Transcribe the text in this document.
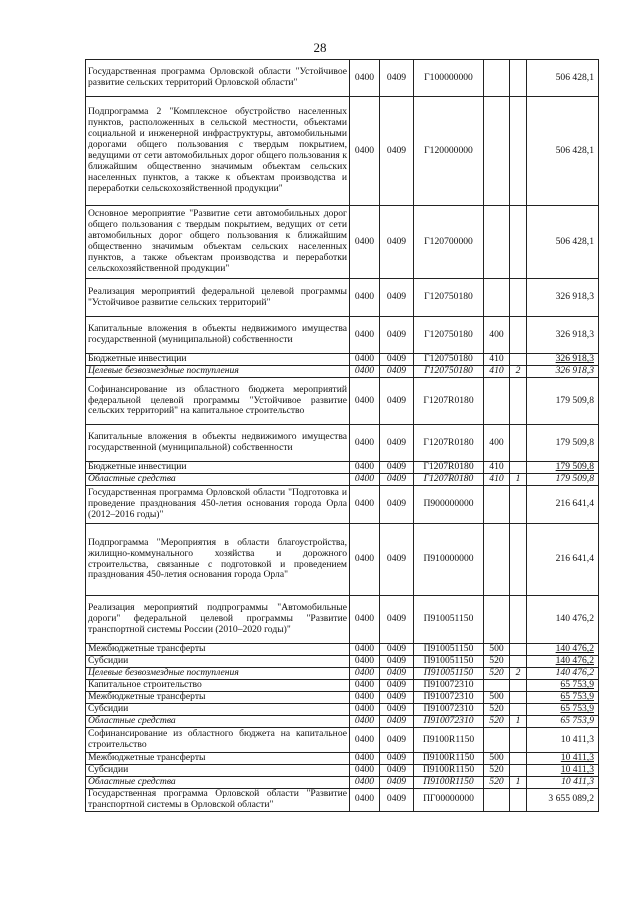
28
Государственная программа Орловской области "Устойчивое развитие сельских территорий Орловской области"	0400	0409	Г100000000			506 428,1
Подпрограмма 2 "Комплексное обустройство населенных пунктов, расположенных в сельской местности, объектами социальной и инженерной инфраструктуры, автомобильными дорогами общего пользования с твердым покрытием, ведущими от сети автомобильных дорог общего пользования к ближайшим общественно значимым объектам сельских населенных пунктов, а также к объектам производства и переработки сельскохозяйственной продукции"	0400	0409	Г120000000			506 428,1
Основное мероприятие "Развитие сети автомобильных дорог общего пользования с твердым покрытием, ведущих от сети автомобильных дорог общего пользования к ближайшим общественно значимым объектам сельских населенных пунктов, а также объектам производства и переработки сельскохозяйственной продукции"	0400	0409	Г120700000			506 428,1
Реализация мероприятий федеральной целевой программы "Устойчивое развитие сельских территорий"	0400	0409	Г120750180			326 918,3
Капитальные вложения в объекты недвижимого имущества государственной (муниципальной) собственности	0400	0409	Г120750180	400		326 918,3
Бюджетные инвестиции	0400	0409	Г120750180	410		326 918,3
Целевые безвозмездные поступления	0400	0409	Г120750180	410	2	326 918,3
Софинансирование из областного бюджета мероприятий федеральной целевой программы "Устойчивое развитие сельских территорий" на капитальное строительство	0400	0409	Г1207R0180			179 509,8
Капитальные вложения в объекты недвижимого имущества государственной (муниципальной) собственности	0400	0409	Г1207R0180	400		179 509,8
Бюджетные инвестиции	0400	0409	Г1207R0180	410		179 509,8
Областные средства	0400	0409	Г1207R0180	410	1	179 509,8
Государственная программа Орловской области "Подготовка и проведение празднования 450-летия основания города Орла (2012–2016 годы)"	0400	0409	П900000000			216 641,4
Подпрограмма "Мероприятия в области благоустройства, жилищно-коммунального хозяйства и дорожного строительства, связанные с подготовкой и проведением празднования 450-летия основания города Орла"	0400	0409	П910000000			216 641,4
Реализация мероприятий подпрограммы "Автомобильные дороги" федеральной целевой программы "Развитие транспортной системы России (2010–2020 годы)"	0400	0409	П910051150			140 476,2
Межбюджетные трансферты	0400	0409	П910051150	500		140 476,2
Субсидии	0400	0409	П910051150	520		140 476,2
Целевые безвозмездные поступления	0400	0409	П910051150	520	2	140 476,2
Капитальное строительство	0400	0409	П910072310			65 753,9
Межбюджетные трансферты	0400	0409	П910072310	500		65 753,9
Субсидии	0400	0409	П910072310	520		65 753,9
Областные средства	0400	0409	П910072310	520	1	65 753,9
Софинансирование из областного бюджета на капитальное строительство	0400	0409	П9100R1150			10 411,3
Межбюджетные трансферты	0400	0409	П9100R1150	500		10 411,3
Субсидии	0400	0409	П9100R1150	520		10 411,3
Областные средства	0400	0409	П9100R1150	520	1	10 411,3
Государственная программа Орловской области "Развитие транспортной системы в Орловской области"	0400	0409	ПГ00000000			3 655 089,2
